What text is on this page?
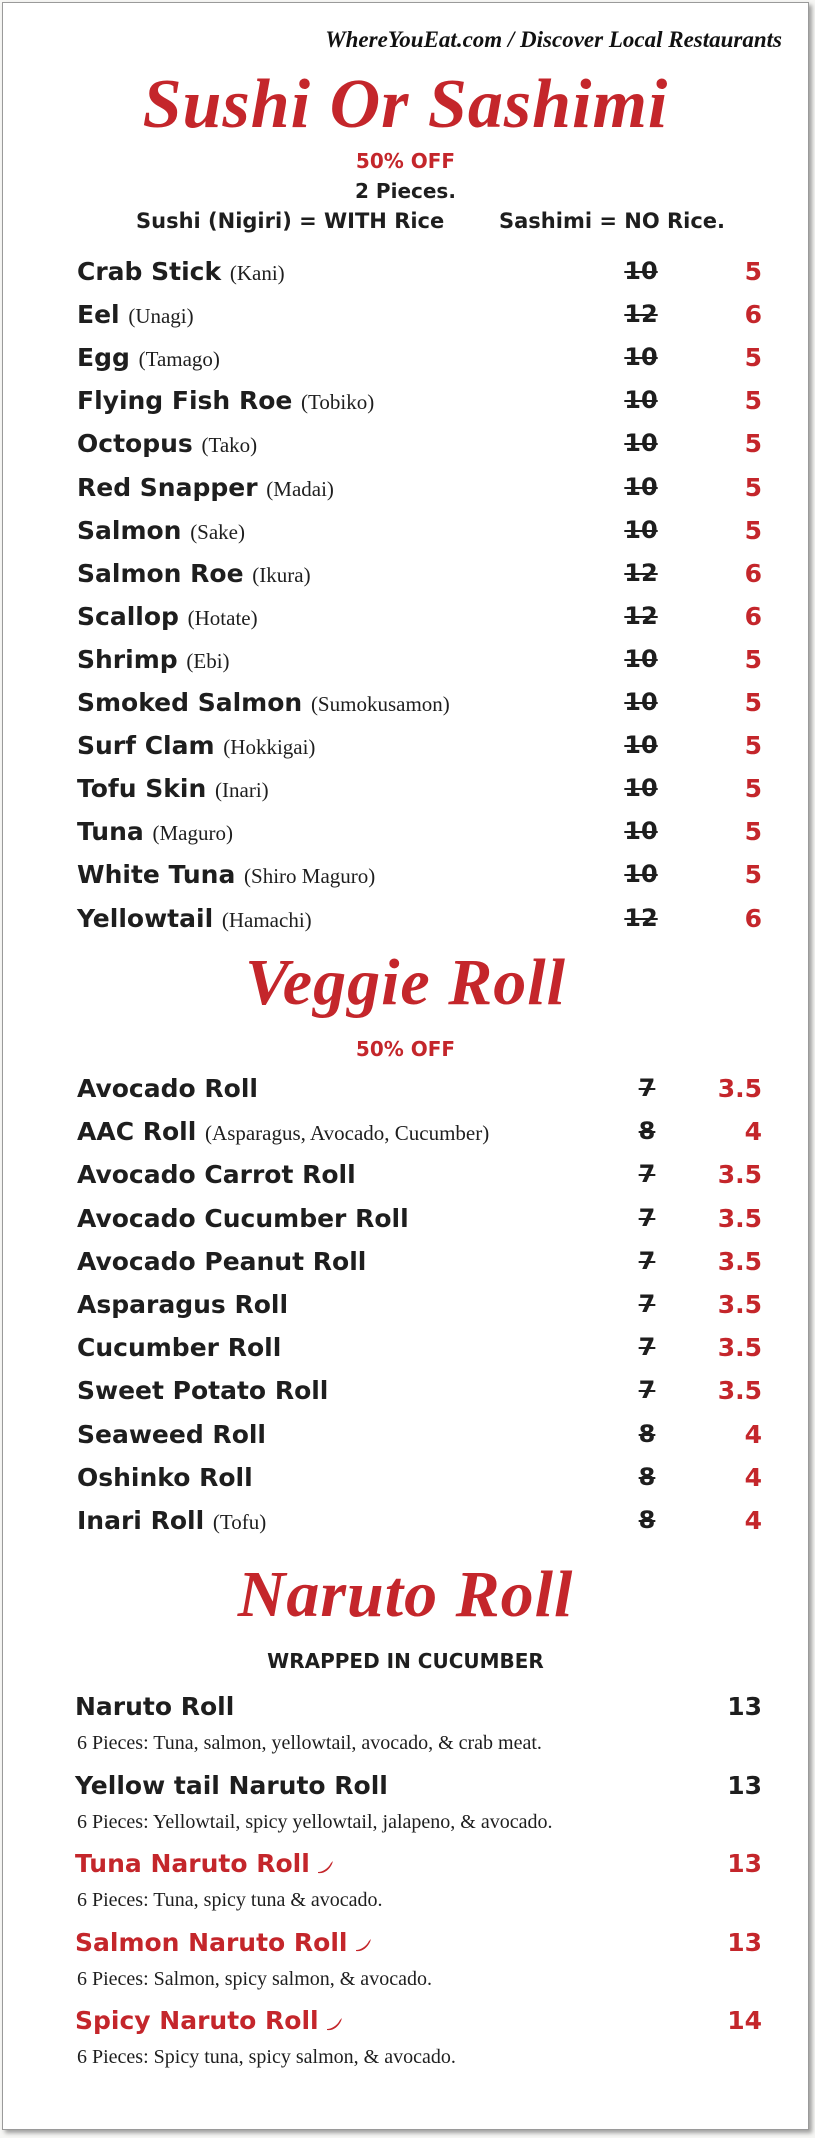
WhereYouEat.com / Discover Local Restaurants
Sushi Or Sashimi
50% OFF
2 Pieces.
Sushi (Nigiri) = WITH Rice	Sashimi = NO Rice.
Crab Stick (Kani)	10	5
Eel (Unagi)	12	6
Egg (Tamago)	10	5
Flying Fish Roe (Tobiko)	10	5
Octopus (Tako)	10	5
Red Snapper (Madai)	10	5
Salmon (Sake)	10	5
Salmon Roe (Ikura)	12	6
Scallop (Hotate)	12	6
Shrimp (Ebi)	10	5
Smoked Salmon (Sumokusamon)	10	5
Surf Clam (Hokkigai)	10	5
Tofu Skin (Inari)	10	5
Tuna (Maguro)	10	5
White Tuna (Shiro Maguro)	10	5
Yellowtail (Hamachi)	12	6
Veggie Roll
50% OFF
Avocado Roll	7	3.5
AAC Roll (Asparagus, Avocado, Cucumber)	8	4
Avocado Carrot Roll	7	3.5
Avocado Cucumber Roll	7	3.5
Avocado Peanut Roll	7	3.5
Asparagus Roll	7	3.5
Cucumber Roll	7	3.5
Sweet Potato Roll	7	3.5
Seaweed Roll	8	4
Oshinko Roll	8	4
Inari Roll (Tofu)	8	4
Naruto Roll
WRAPPED IN CUCUMBER
Naruto Roll	13
6 Pieces: Tuna, salmon, yellowtail, avocado, & crab meat.
Yellow tail Naruto Roll	13
6 Pieces: Yellowtail, spicy yellowtail, jalapeno, & avocado.
Tuna Naruto Roll	13
6 Pieces: Tuna, spicy tuna & avocado.
Salmon Naruto Roll	13
6 Pieces: Salmon, spicy salmon, & avocado.
Spicy Naruto Roll	14
6 Pieces: Spicy tuna, spicy salmon, & avocado.
